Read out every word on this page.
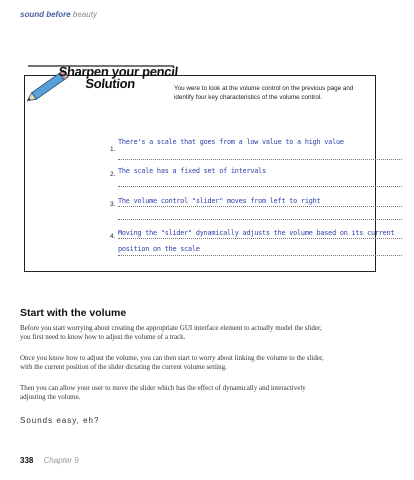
sound before beauty
Sharpen your pencil
Solution	You were to look at the volume control on the previous page and identify four key characteristics of the volume control.
1.
There's a scale that goes from a low value to a high value
2. The scale has a fixed set of intervals
3. The volume control "slider" moves from left to right
4. Moving the "slider" dynamically adjusts the volume based on its current
position on the scale
Start with the volume
Before you start worrying about creating the appropriate GUI interface element to actually model the slider, you first need to know how to adjust the volume of a track.
Once you know how to adjust the volume, you can then start to worry about linking the volume to the slider, with the current position of the slider dictating the current volume setting.
Then you can allow your user to move the slider which has the effect of dynamically and interactively adjusting the volume.
Sounds easy, eh?
338 Chapter 9
